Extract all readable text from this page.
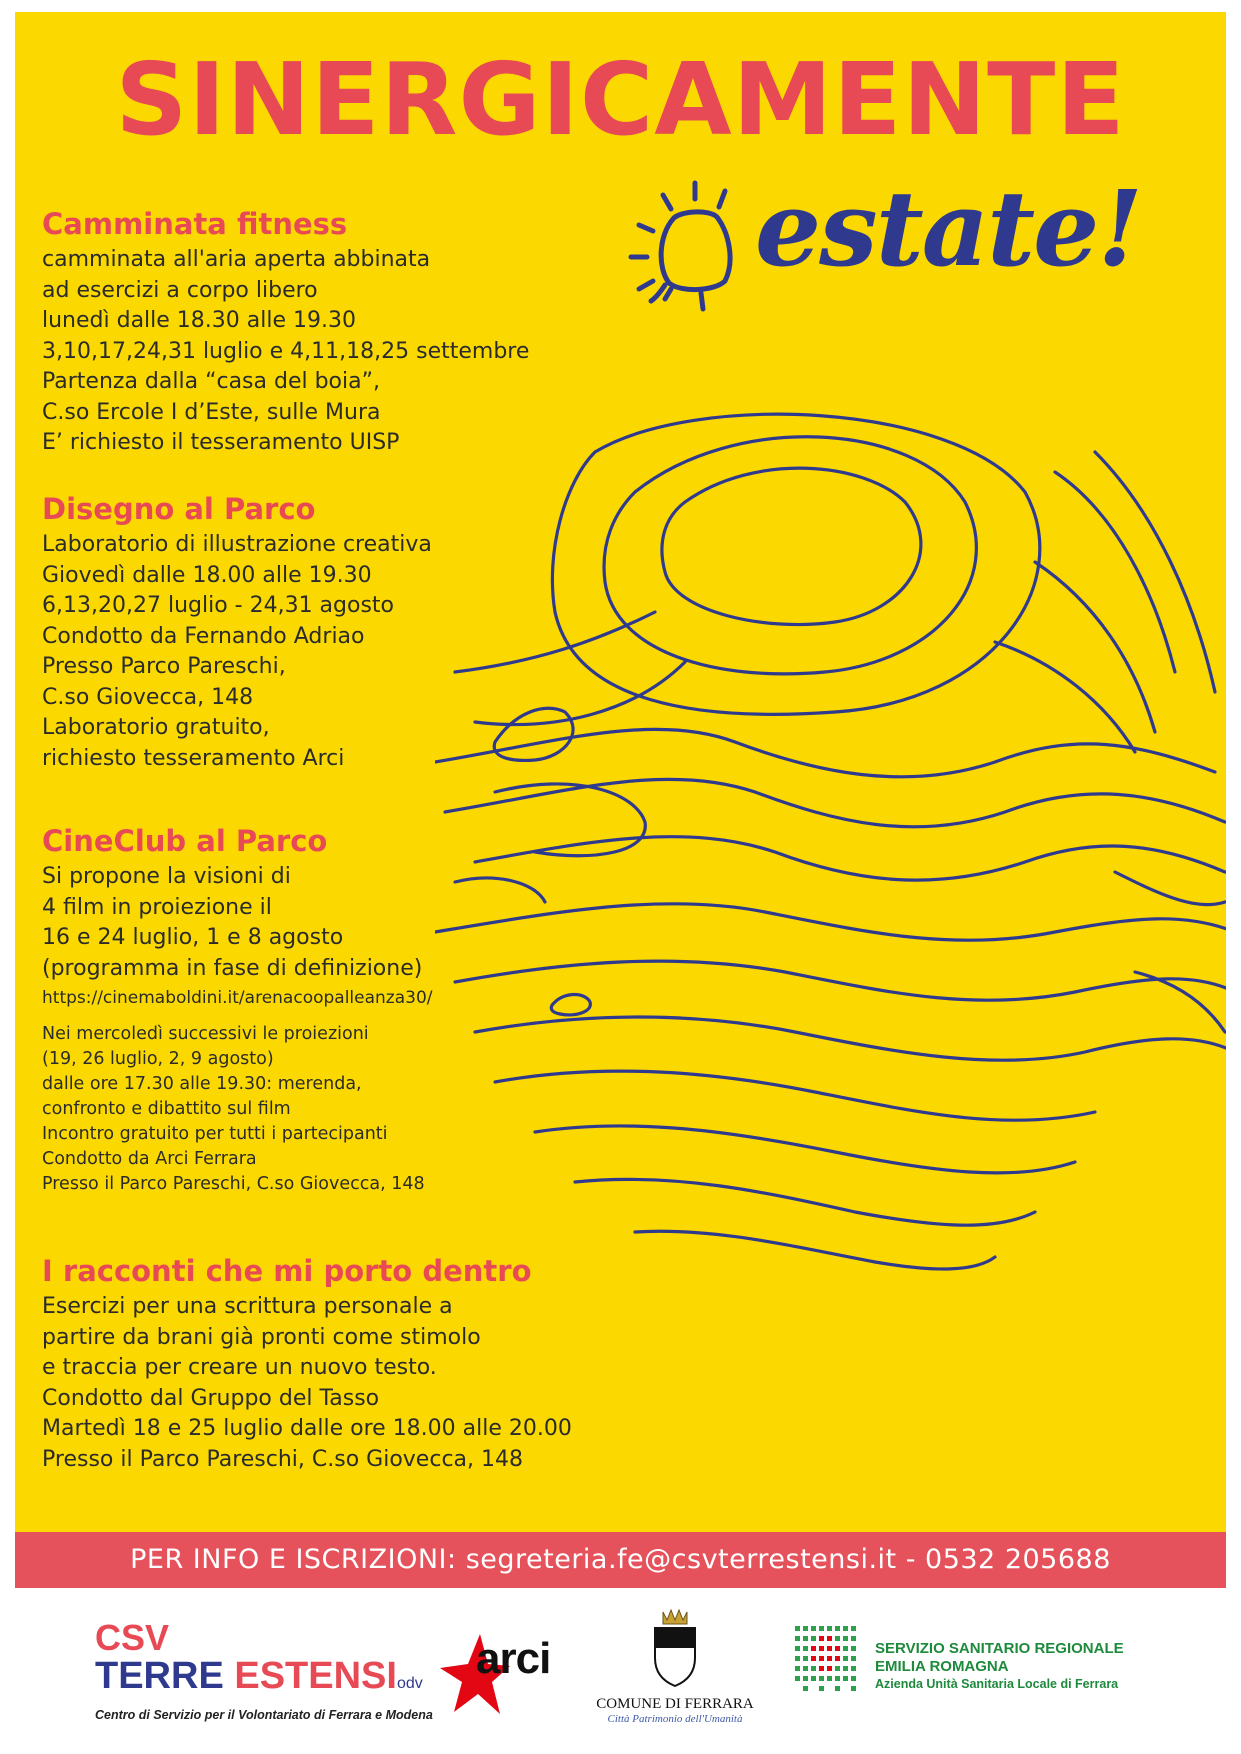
SINERGICAMENTE
estate!
Camminata fitness
camminata all'aria aperta abbinata
ad esercizi a corpo libero
lunedì dalle 18.30 alle 19.30
3,10,17,24,31 luglio e 4,11,18,25 settembre
Partenza dalla “casa del boia”,
C.so Ercole I d’Este, sulle Mura
E’ richiesto il tesseramento UISP
Disegno al Parco
Laboratorio di illustrazione creativa
Giovedì dalle 18.00 alle 19.30
6,13,20,27 luglio - 24,31 agosto
Condotto da Fernando Adriao
Presso Parco Pareschi,
C.so Giovecca, 148
Laboratorio gratuito,
richiesto tesseramento Arci
CineClub al Parco
Si propone la visioni di
4 film in proiezione il
16 e 24 luglio, 1 e 8 agosto
(programma in fase di definizione)
https://cinemaboldini.it/arenacoopalleanza30/
Nei mercoledì successivi le proiezioni
(19, 26 luglio, 2, 9 agosto)
dalle ore 17.30 alle 19.30: merenda,
confronto e dibattito sul film
Incontro gratuito per tutti i partecipanti
Condotto da Arci Ferrara
Presso il Parco Pareschi, C.so Giovecca, 148
I racconti che mi porto dentro
Esercizi per una scrittura personale a
partire da brani già pronti come stimolo
e traccia per creare un nuovo testo.
Condotto dal Gruppo del Tasso
Martedì 18 e 25 luglio dalle ore 18.00 alle 20.00
Presso il Parco Pareschi, C.so Giovecca, 148
PER INFO E ISCRIZIONI: segreteria.fe@csvterrestensi.it - 0532 205688
CSV
TERRE ESTENSIodv
Centro di Servizio per il Volontariato di Ferrara e Modena
arci
COMUNE DI FERRARA
Città Patrimonio dell'Umanità
SERVIZIO SANITARIO REGIONALE
EMILIA ROMAGNA
Azienda Unità Sanitaria Locale di Ferrara
